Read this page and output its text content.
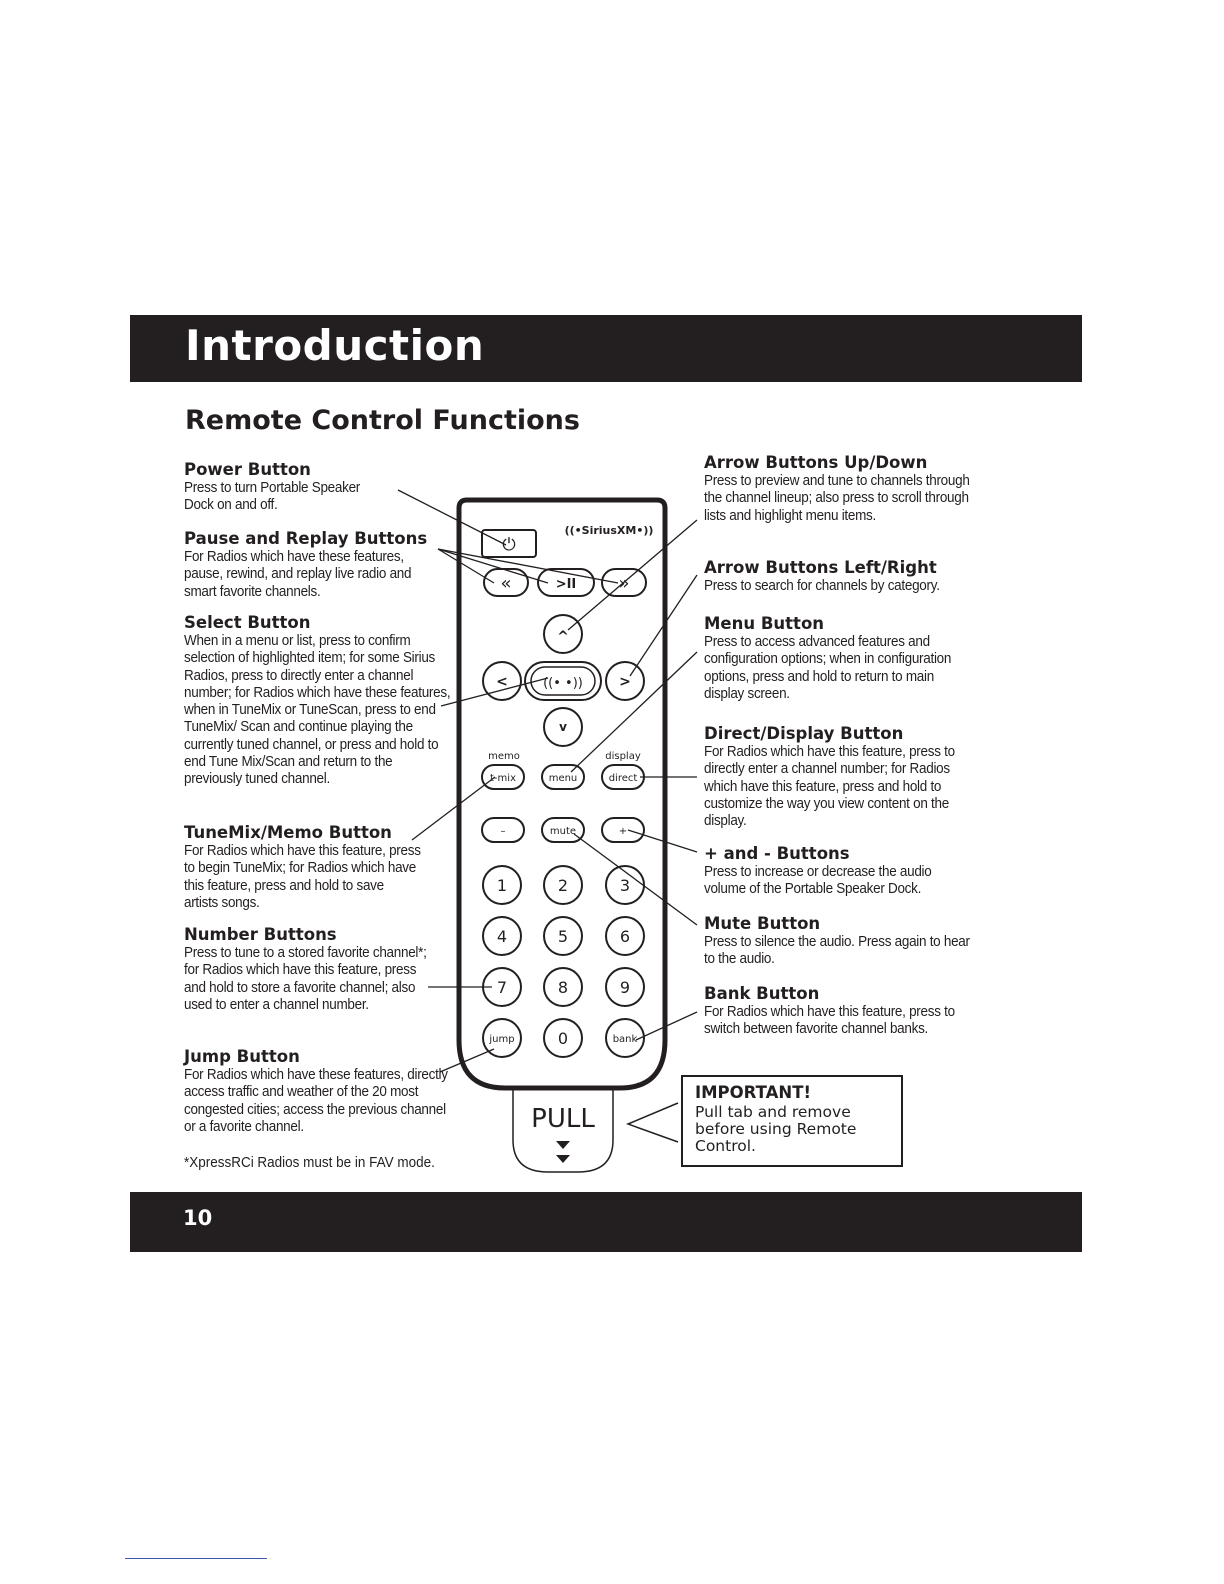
Introduction
Remote Control Functions
Power Button

Press to turn Portable Speaker Dock on and off.

Pause and Replay Buttons

For Radios which have these features, pause, rewind, and replay live radio and smart favorite channels.

Select Button

When in a menu or list, press to confirm selection of highlighted item; for some Sirius Radios, press to directly enter a channel number; for Radios which have these features, when in TuneMix or TuneScan, press to end TuneMix/ Scan and continue playing the currently tuned channel, or press and hold to end Tune Mix/Scan and return to the previously tuned channel.

TuneMix/Memo Button

For Radios which have this feature, press to begin TuneMix; for Radios which have this feature, press and hold to save artists songs.

Number Buttons

Press to tune to a stored favorite channel*; for Radios which have this feature, press and hold to store a favorite channel; also used to enter a channel number.

Jump Button

For Radios which have these features, directly access traffic and weather of the 20 most congested cities; access the previous channel or a favorite channel.

*XpressRCi Radios must be in FAV mode.

Arrow Buttons Up/Down

Press to preview and tune to channels through the channel lineup; also press to scroll through lists and highlight menu items.

Arrow Buttons Left/Right

Press to search for channels by category.

Menu Button

Press to access advanced features and configuration options; when in configuration options, press and hold to return to main display screen.

Direct/Display Button

For Radios which have this feature, press to directly enter a channel number; for Radios which have this feature, press and hold to customize the way you view content on the display.

+ and - Buttons

Press to increase or decrease the audio volume of the Portable Speaker Dock.

Mute Button

Press to silence the audio. Press again to hear to the audio.

Bank Button

For Radios which have this feature, press to switch between favorite channel banks.

PULL
((•SiriusXM•))
⏻
«	>II »
^
<	((• •))	>
v
memo	display
t-mix	menu	direct
–	mute	+
1	2	3
4	5	6
7	8	9
jump	0	bank
IMPORTANT!

Pull tab and remove before using Remote Control.

10
